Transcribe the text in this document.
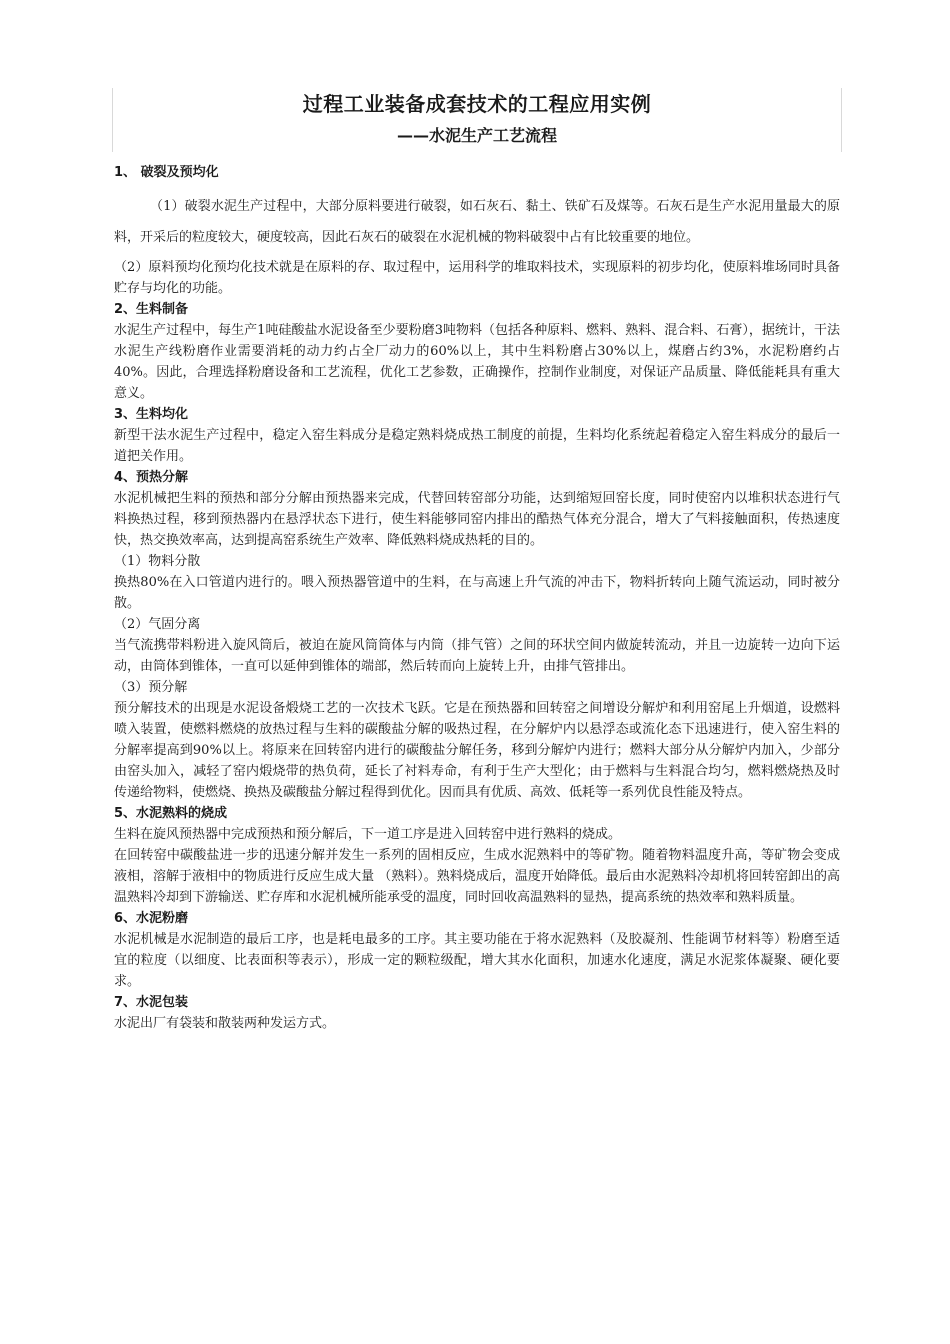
过程工业装备成套技术的工程应用实例
——水泥生产工艺流程

1、 破裂及预均化

（1）破裂水泥生产过程中，大部分原料要进行破裂，如石灰石、黏土、铁矿石及煤等。石灰石是生产水泥用量最大的原料，开采后的粒度较大，硬度较高，因此石灰石的破裂在水泥机械的物料破裂中占有比较重要的地位。

（2）原料预均化预均化技术就是在原料的存、取过程中，运用科学的堆取料技术，实现原料的初步均化，使原料堆场同时具备贮存与均化的功能。

2、生料制备

水泥生产过程中，每生产1吨硅酸盐水泥设备至少要粉磨3吨物料（包括各种原料、燃料、熟料、混合料、石膏），据统计，干法水泥生产线粉磨作业需要消耗的动力约占全厂动力的60%以上，其中生料粉磨占30%以上，煤磨占约3%，水泥粉磨约占40%。因此，合理选择粉磨设备和工艺流程，优化工艺参数，正确操作，控制作业制度，对保证产品质量、降低能耗具有重大意义。

3、生料均化

新型干法水泥生产过程中，稳定入窑生料成分是稳定熟料烧成热工制度的前提，生料均化系统起着稳定入窑生料成分的最后一道把关作用。

4、预热分解

水泥机械把生料的预热和部分分解由预热器来完成，代替回转窑部分功能，达到缩短回窑长度，同时使窑内以堆积状态进行气料换热过程，移到预热器内在悬浮状态下进行，使生料能够同窑内排出的酷热气体充分混合，增大了气料接触面积，传热速度快，热交换效率高，达到提高窑系统生产效率、降低熟料烧成热耗的目的。

（1）物料分散

换热80%在入口管道内进行的。喂入预热器管道中的生料，在与高速上升气流的冲击下，物料折转向上随气流运动，同时被分散。

（2）气固分离

当气流携带料粉进入旋风筒后，被迫在旋风筒筒体与内筒（排气管）之间的环状空间内做旋转流动，并且一边旋转一边向下运动，由筒体到锥体，一直可以延伸到锥体的端部，然后转而向上旋转上升，由排气管排出。

（3）预分解

预分解技术的出现是水泥设备煅烧工艺的一次技术飞跃。它是在预热器和回转窑之间增设分解炉和利用窑尾上升烟道，设燃料喷入装置，使燃料燃烧的放热过程与生料的碳酸盐分解的吸热过程，在分解炉内以悬浮态或流化态下迅速进行，使入窑生料的分解率提高到90%以上。将原来在回转窑内进行的碳酸盐分解任务，移到分解炉内进行；燃料大部分从分解炉内加入，少部分由窑头加入，减轻了窑内煅烧带的热负荷，延长了衬料寿命，有利于生产大型化；由于燃料与生料混合均匀，燃料燃烧热及时传递给物料，使燃烧、换热及碳酸盐分解过程得到优化。因而具有优质、高效、低耗等一系列优良性能及特点。

5、水泥熟料的烧成

生料在旋风预热器中完成预热和预分解后，下一道工序是进入回转窑中进行熟料的烧成。

在回转窑中碳酸盐进一步的迅速分解并发生一系列的固相反应，生成水泥熟料中的等矿物。随着物料温度升高，等矿物会变成液相，溶解于液相中的物质进行反应生成大量 （熟料）。熟料烧成后，温度开始降低。最后由水泥熟料冷却机将回转窑卸出的高温熟料冷却到下游输送、贮存库和水泥机械所能承受的温度，同时回收高温熟料的显热，提高系统的热效率和熟料质量。

6、水泥粉磨

水泥机械是水泥制造的最后工序，也是耗电最多的工序。其主要功能在于将水泥熟料（及胶凝剂、性能调节材料等）粉磨至适宜的粒度（以细度、比表面积等表示），形成一定的颗粒级配，增大其水化面积，加速水化速度，满足水泥浆体凝聚、硬化要求。

7、水泥包装

水泥出厂有袋装和散装两种发运方式。
